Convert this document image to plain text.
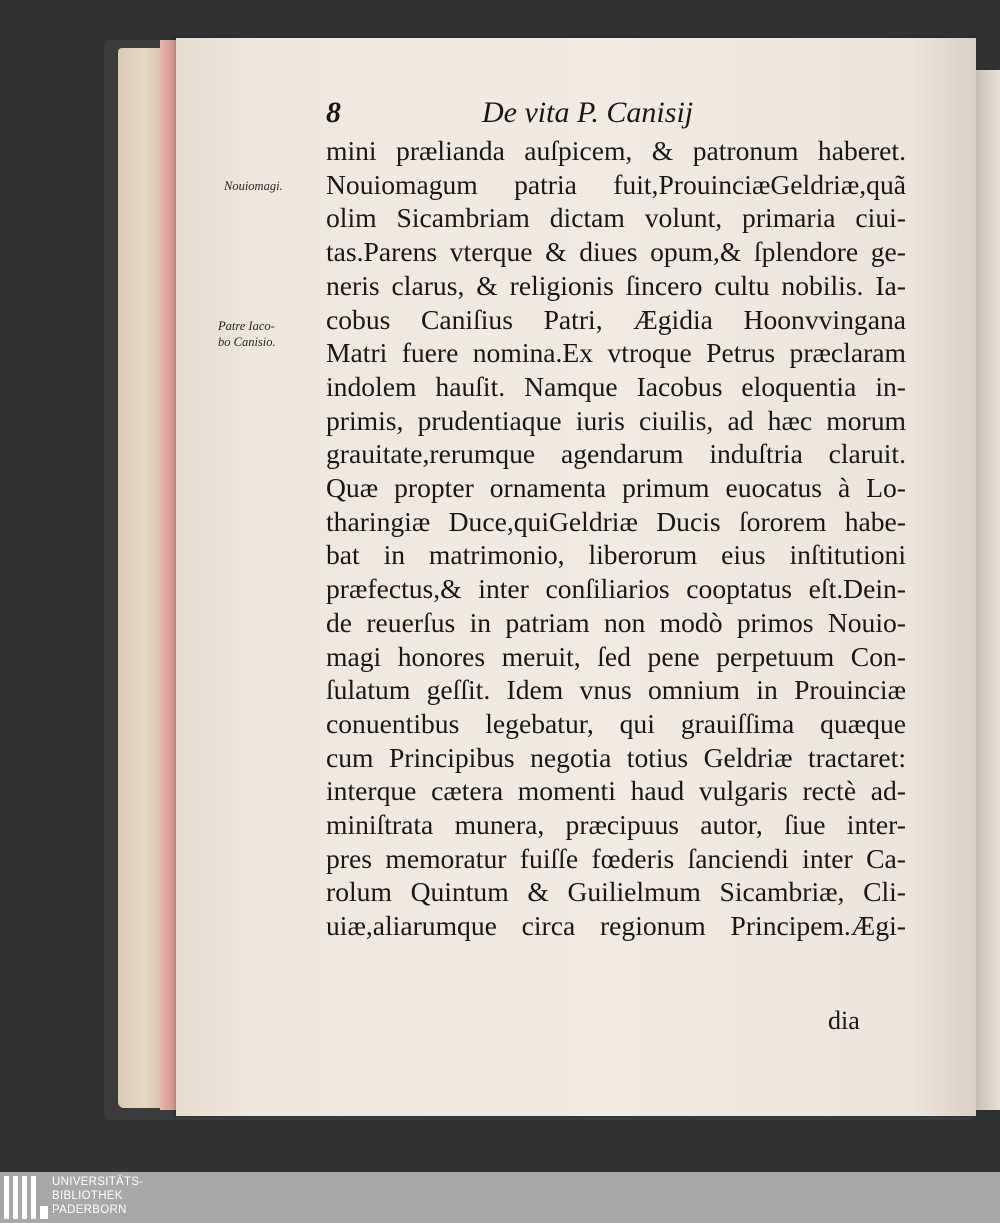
8	De vita P. Canisij
Nouiomagi.
Patre Iaco-
bo Canisio.
mini prælianda auſpicem, & patronum haberet.
Nouiomagum patria fuit,ProuinciæGeldriæ,quã
olim Sicambriam dictam volunt, primaria ciui-
tas.Parens vterque & diues opum,& ſplendore ge-
neris clarus, & religionis ſincero cultu nobilis. Ia-
cobus Caniſius Patri, Ægidia Hoonvvingana
Matri fuere nomina.Ex vtroque Petrus præclaram
indolem hauſit. Namque Iacobus eloquentia in-
primis, prudentiaque iuris ciuilis, ad hæc morum
grauitate,rerumque agendarum induſtria claruit.
Quæ propter ornamenta primum euocatus à Lo-
tharingiæ Duce,quiGeldriæ Ducis ſororem habe-
bat in matrimonio, liberorum eius inſtitutioni
præfectus,& inter conſiliarios cooptatus eſt.Dein-
de reuerſus in patriam non modò primos Nouio-
magi honores meruit, ſed pene perpetuum Con-
ſulatum geſſit. Idem vnus omnium in Prouinciæ
conuentibus legebatur, qui grauiſſima quæque
cum Principibus negotia totius Geldriæ tractaret:
interque cætera momenti haud vulgaris rectè ad-
miniſtrata munera, præcipuus autor, ſiue inter-
pres memoratur fuiſſe fœderis ſanciendi inter Ca-
rolum Quintum & Guilielmum Sicambriæ, Cli-
uiæ,aliarumque circa regionum Principem.Ægi-
dia
UNIVERSITÄTS-
BIBLIOTHEK
PADERBORN
